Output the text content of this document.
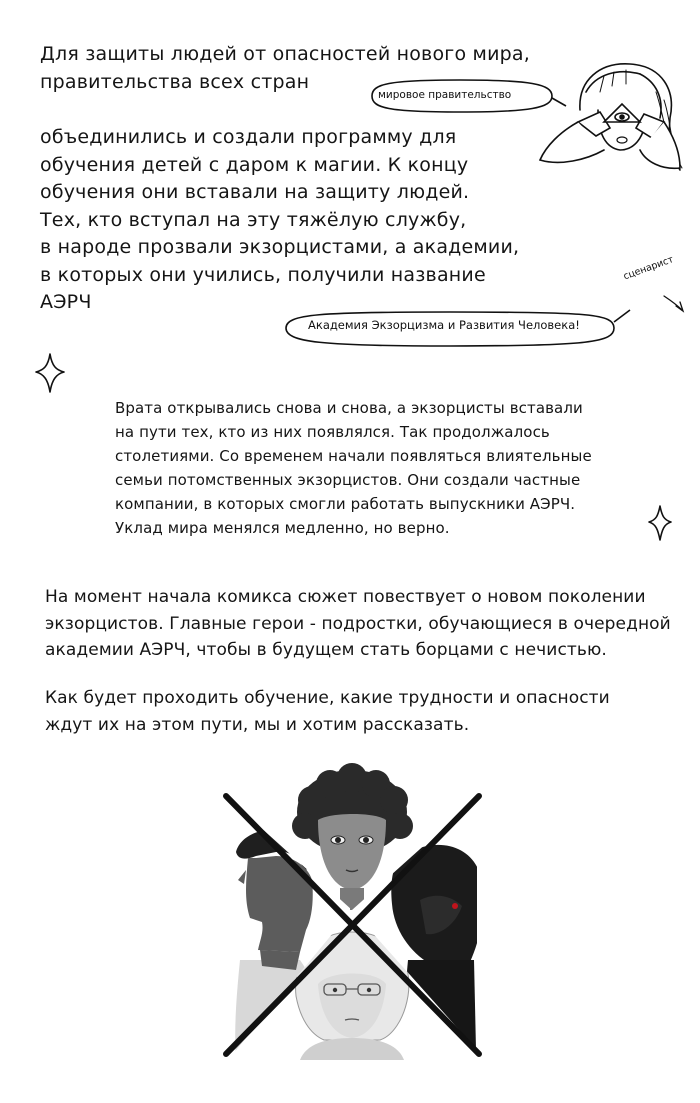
Для защиты людей от опасностей нового мира,
правительства всех стран
объединились и создали программу для
обучения детей с даром к магии. К концу
обучения они вставали на защиту людей.
Тех, кто вступал на эту тяжёлую службу,
в народе прозвали экзорцистами, а академии,
в которых они учились, получили название
АЭРЧ
мировое правительство
Академия Экзорцизма и Развития Человека!
сценарист
Врата открывались снова и снова, а экзорцисты вставали
на пути тех, кто из них появлялся. Так продолжалось
столетиями. Со временем начали появляться влиятельные
семьи потомственных экзорцистов. Они создали частные
компании, в которых смогли работать выпускники АЭРЧ.
Уклад мира менялся медленно, но верно.
На момент начала комикса сюжет повествует о новом поколении
экзорцистов. Главные герои - подростки, обучающиеся в очередной
академии АЭРЧ, чтобы в будущем стать борцами с нечистью.
Как будет проходить обучение, какие трудности и опасности
ждут их на этом пути, мы и хотим рассказать.
